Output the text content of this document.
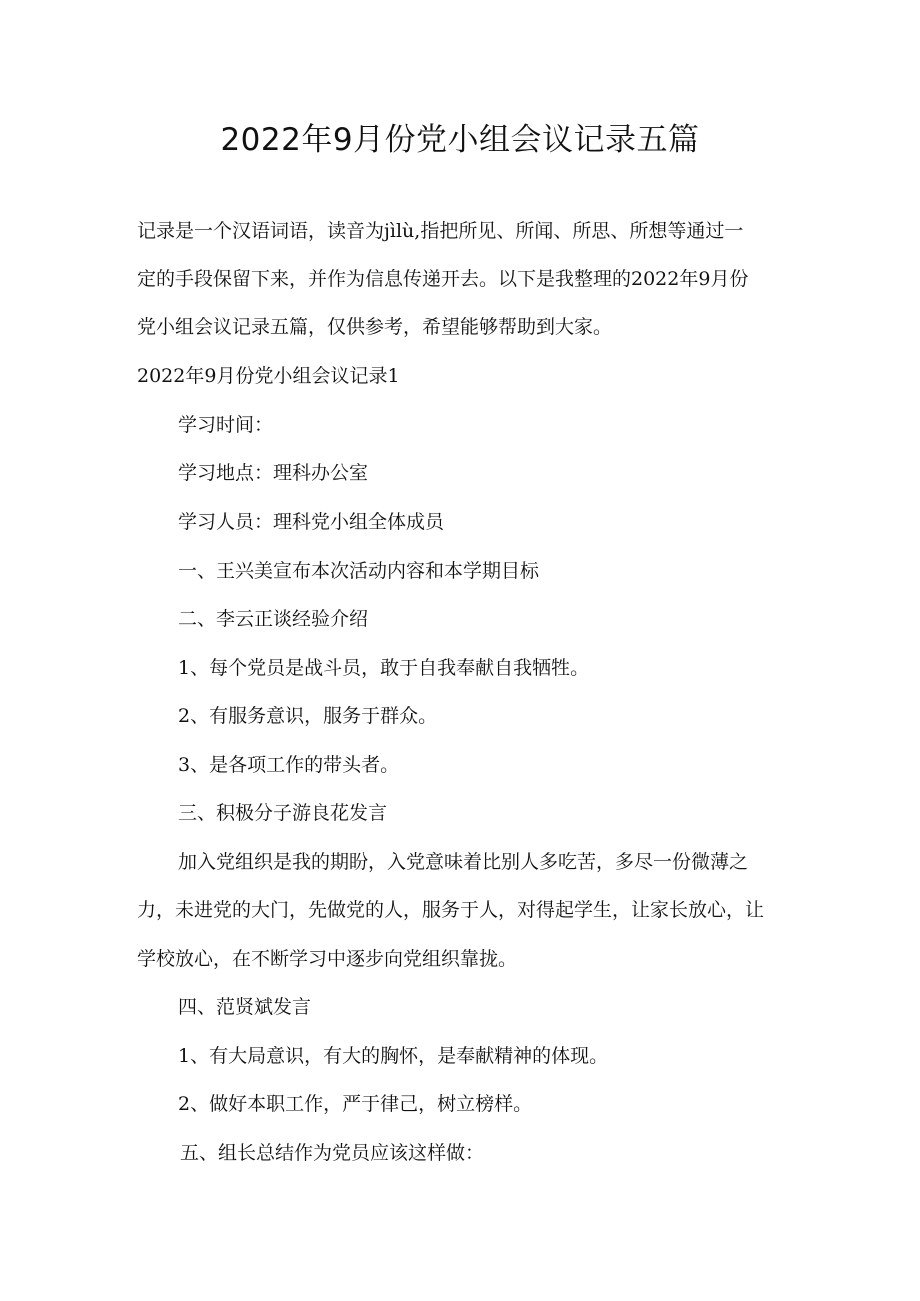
2022年9月份党小组会议记录五篇
记录是一个汉语词语，读音为jìlù,指把所见、所闻、所思、所想等通过一
定的手段保留下来，并作为信息传递开去。以下是我整理的2022年9月份
党小组会议记录五篇，仅供参考，希望能够帮助到大家。
2022年9月份党小组会议记录1
学习时间：
学习地点：理科办公室
学习人员：理科党小组全体成员
一、王兴美宣布本次活动内容和本学期目标
二、李云正谈经验介绍
1、每个党员是战斗员，敢于自我奉献自我牺牲。
2、有服务意识，服务于群众。
3、是各项工作的带头者。
三、积极分子游良花发言
加入党组织是我的期盼，入党意味着比别人多吃苦，多尽一份微薄之
力，未进党的大门，先做党的人，服务于人，对得起学生，让家长放心，让
学校放心，在不断学习中逐步向党组织靠拢。
四、范贤斌发言
1、有大局意识，有大的胸怀，是奉献精神的体现。
2、做好本职工作，严于律己，树立榜样。
五、组长总结作为党员应该这样做：
